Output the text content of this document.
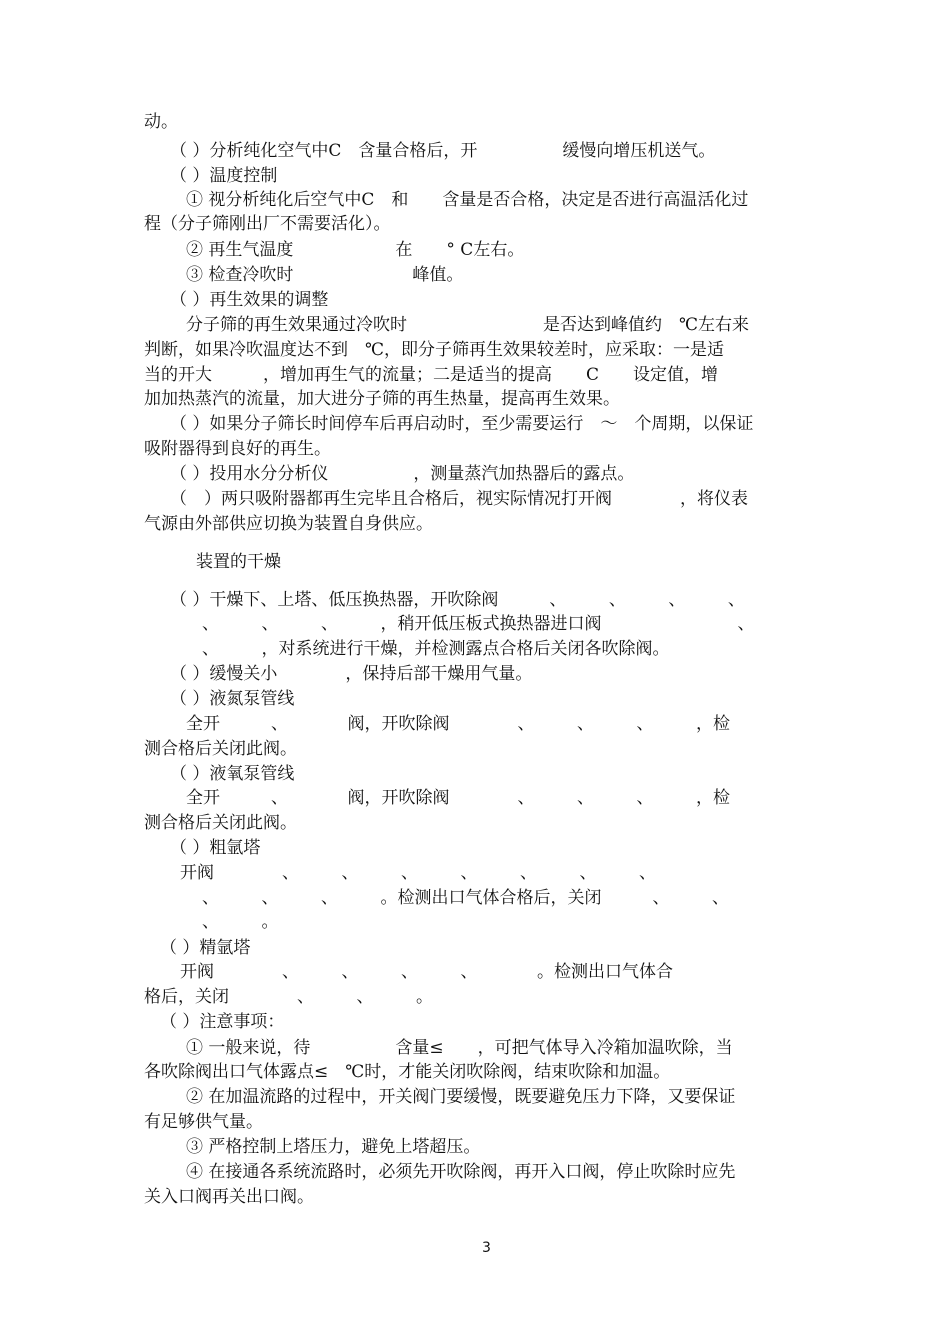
动。
（ ）分析纯化空气中C　含量合格后，开　　　　　缓慢向增压机送气。
（ ）温度控制
① 视分析纯化后空气中C　和　　含量是否合格，决定是否进行高温活化过
程（分子筛刚出厂不需要活化）。
② 再生气温度　　　　　　在　　° C左右。
③ 检查冷吹时　　　　　　　峰值。
（ ）再生效果的调整
分子筛的再生效果通过冷吹时　　　　　　　　是否达到峰值约　℃左右来
判断，如果冷吹温度达不到　℃，即分子筛再生效果较差时，应采取：一是适
当的开大　　　，增加再生气的流量；二是适当的提高　　C　　设定值，增
加加热蒸汽的流量，加大进分子筛的再生热量，提高再生效果。
（ ）如果分子筛长时间停车后再启动时，至少需要运行　～　个周期，以保证
吸附器得到良好的再生。
（ ）投用水分分析仪　　　　　，测量蒸汽加热器后的露点。
（　）两只吸附器都再生完毕且合格后，视实际情况打开阀　　　　，将仪表
气源由外部供应切换为装置自身供应。
装置的干燥
（ ）干燥下、上塔、低压换热器，开吹除阀　　　、　　　、　　　、　　　、
、　　　、　　　、　　　，稍开低压板式换热器进口阀　　　　　　　　、
、　　　，对系统进行干燥，并检测露点合格后关闭各吹除阀。
（ ）缓慢关小　　　　，保持后部干燥用气量。
（ ）液氮泵管线
全开　　　、　　　　阀，开吹除阀　　　　、　　　、　　　、　　　，检
测合格后关闭此阀。
（ ）液氧泵管线
全开　　　、　　　　阀，开吹除阀　　　　、　　　、　　　、　　　，检
测合格后关闭此阀。
（ ）粗氩塔
开阀　　　　、　　　、　　　、　　　、　　　、　　　、　　　、
、　　　、　　　、　　　。检测出口气体合格后，关闭　　　、　　　、
、　　　。
（ ）精氩塔
开阀　　　　、　　　、　　　、　　　、　　　　。检测出口气体合
格后，关闭　　　　、　　　、　　　。
（ ）注意事项：
① 一般来说，待　　　　　含量≤　　，可把气体导入冷箱加温吹除，当
各吹除阀出口气体露点≤　℃时，才能关闭吹除阀，结束吹除和加温。
② 在加温流路的过程中，开关阀门要缓慢，既要避免压力下降，又要保证
有足够供气量。
③ 严格控制上塔压力，避免上塔超压。
④ 在接通各系统流路时，必须先开吹除阀，再开入口阀，停止吹除时应先
关入口阀再关出口阀。
3
